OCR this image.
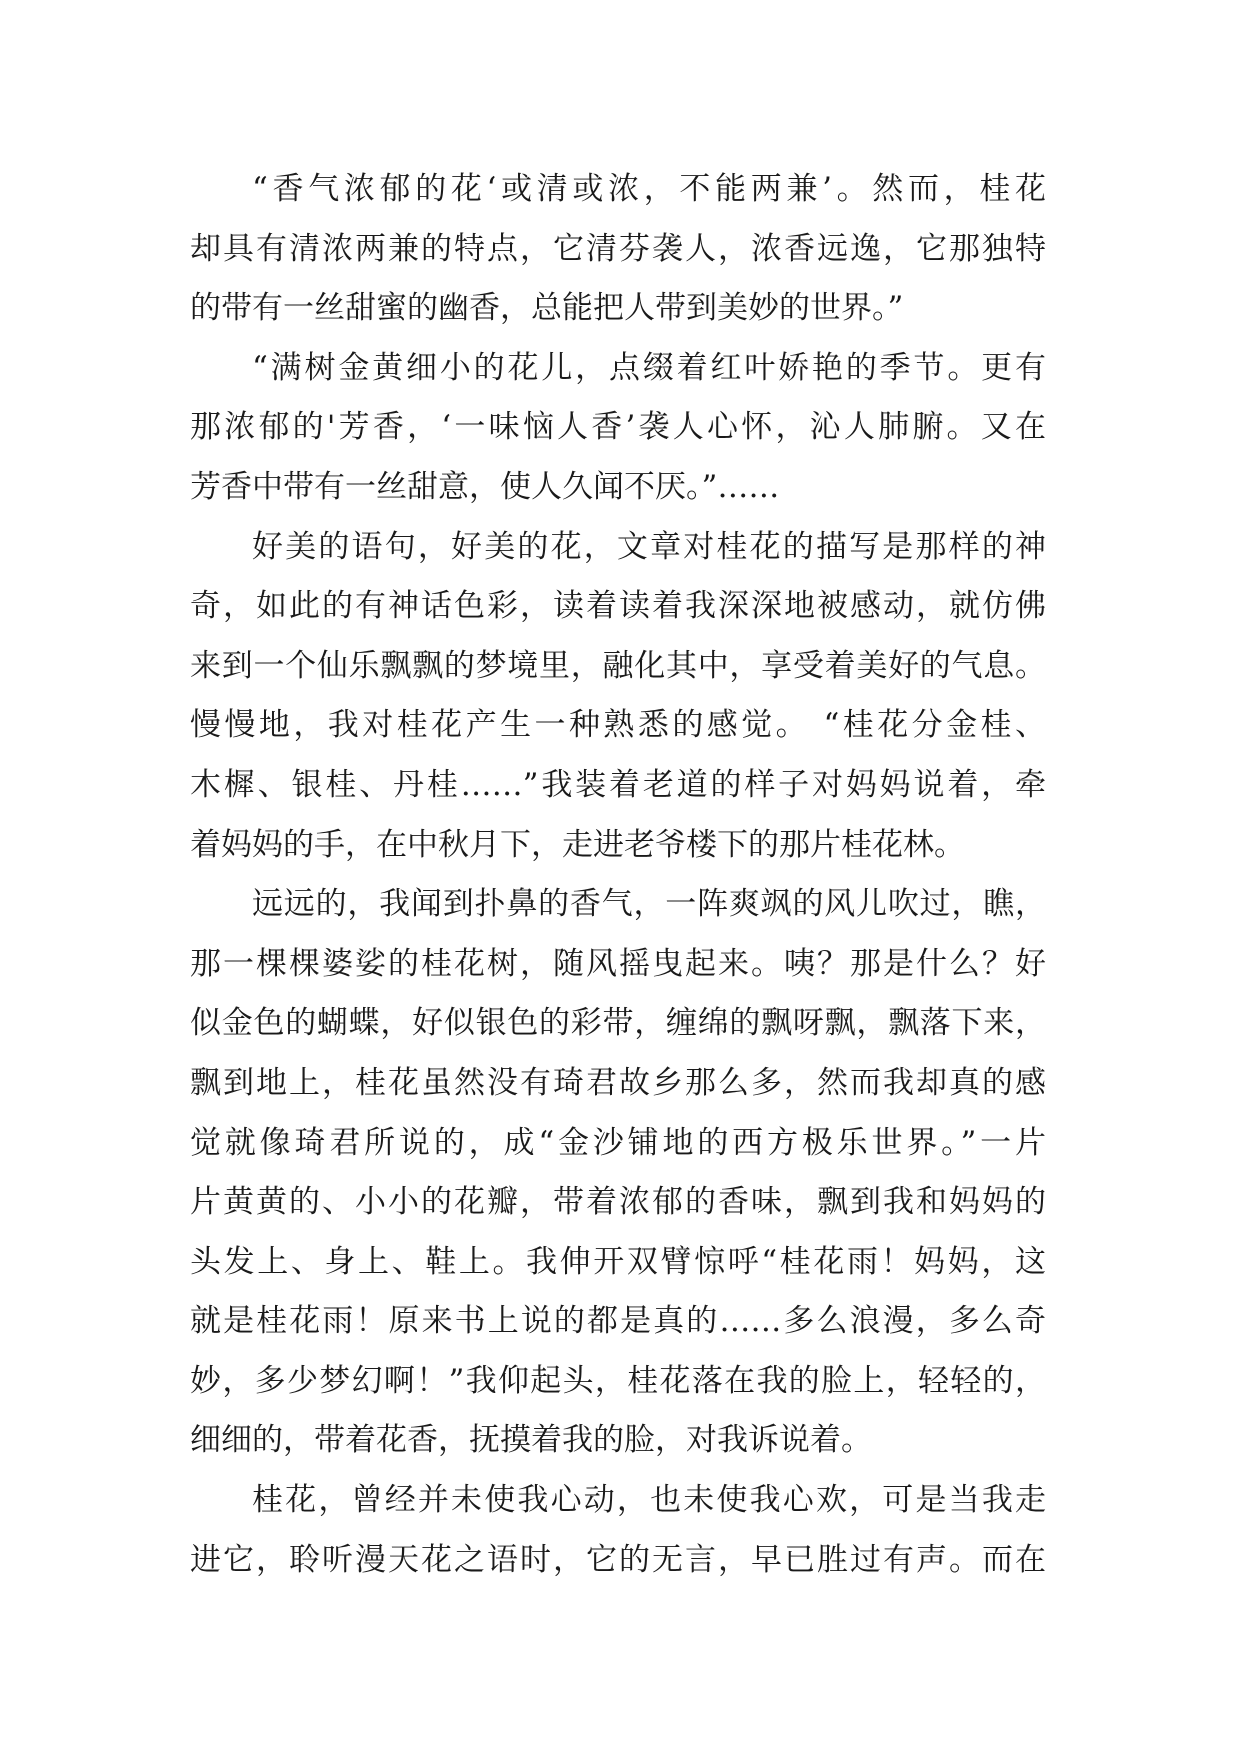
“香气浓郁的花‘或清或浓，不能两兼’。然而，桂花
却具有清浓两兼的特点，它清芬袭人，浓香远逸，它那独特
的带有一丝甜蜜的幽香，总能把人带到美妙的世界。”
“满树金黄细小的花儿，点缀着红叶娇艳的季节。更有
那浓郁的'芳香，‘一味恼人香’袭人心怀，沁人肺腑。又在
芳香中带有一丝甜意，使人久闻不厌。”……
好美的语句，好美的花，文章对桂花的描写是那样的神
奇，如此的有神话色彩，读着读着我深深地被感动，就仿佛
来到一个仙乐飘飘的梦境里，融化其中，享受着美好的气息。
慢慢地，我对桂花产生一种熟悉的感觉。 “桂花分金桂、
木樨、银桂、丹桂……”我装着老道的样子对妈妈说着，牵
着妈妈的手，在中秋月下，走进老爷楼下的那片桂花林。
远远的，我闻到扑鼻的香气，一阵爽飒的风儿吹过，瞧，
那一棵棵婆娑的桂花树，随风摇曳起来。咦？那是什么？好
似金色的蝴蝶，好似银色的彩带，缠绵的飘呀飘，飘落下来，
飘到地上，桂花虽然没有琦君故乡那么多，然而我却真的感
觉就像琦君所说的，成“金沙铺地的西方极乐世界。”一片
片黄黄的、小小的花瓣，带着浓郁的香味，飘到我和妈妈的
头发上、身上、鞋上。我伸开双臂惊呼“桂花雨！妈妈，这
就是桂花雨！原来书上说的都是真的……多么浪漫，多么奇
妙，多少梦幻啊！”我仰起头，桂花落在我的脸上，轻轻的，
细细的，带着花香，抚摸着我的脸，对我诉说着。
桂花，曾经并未使我心动，也未使我心欢，可是当我走
进它，聆听漫天花之语时，它的无言，早已胜过有声。而在
